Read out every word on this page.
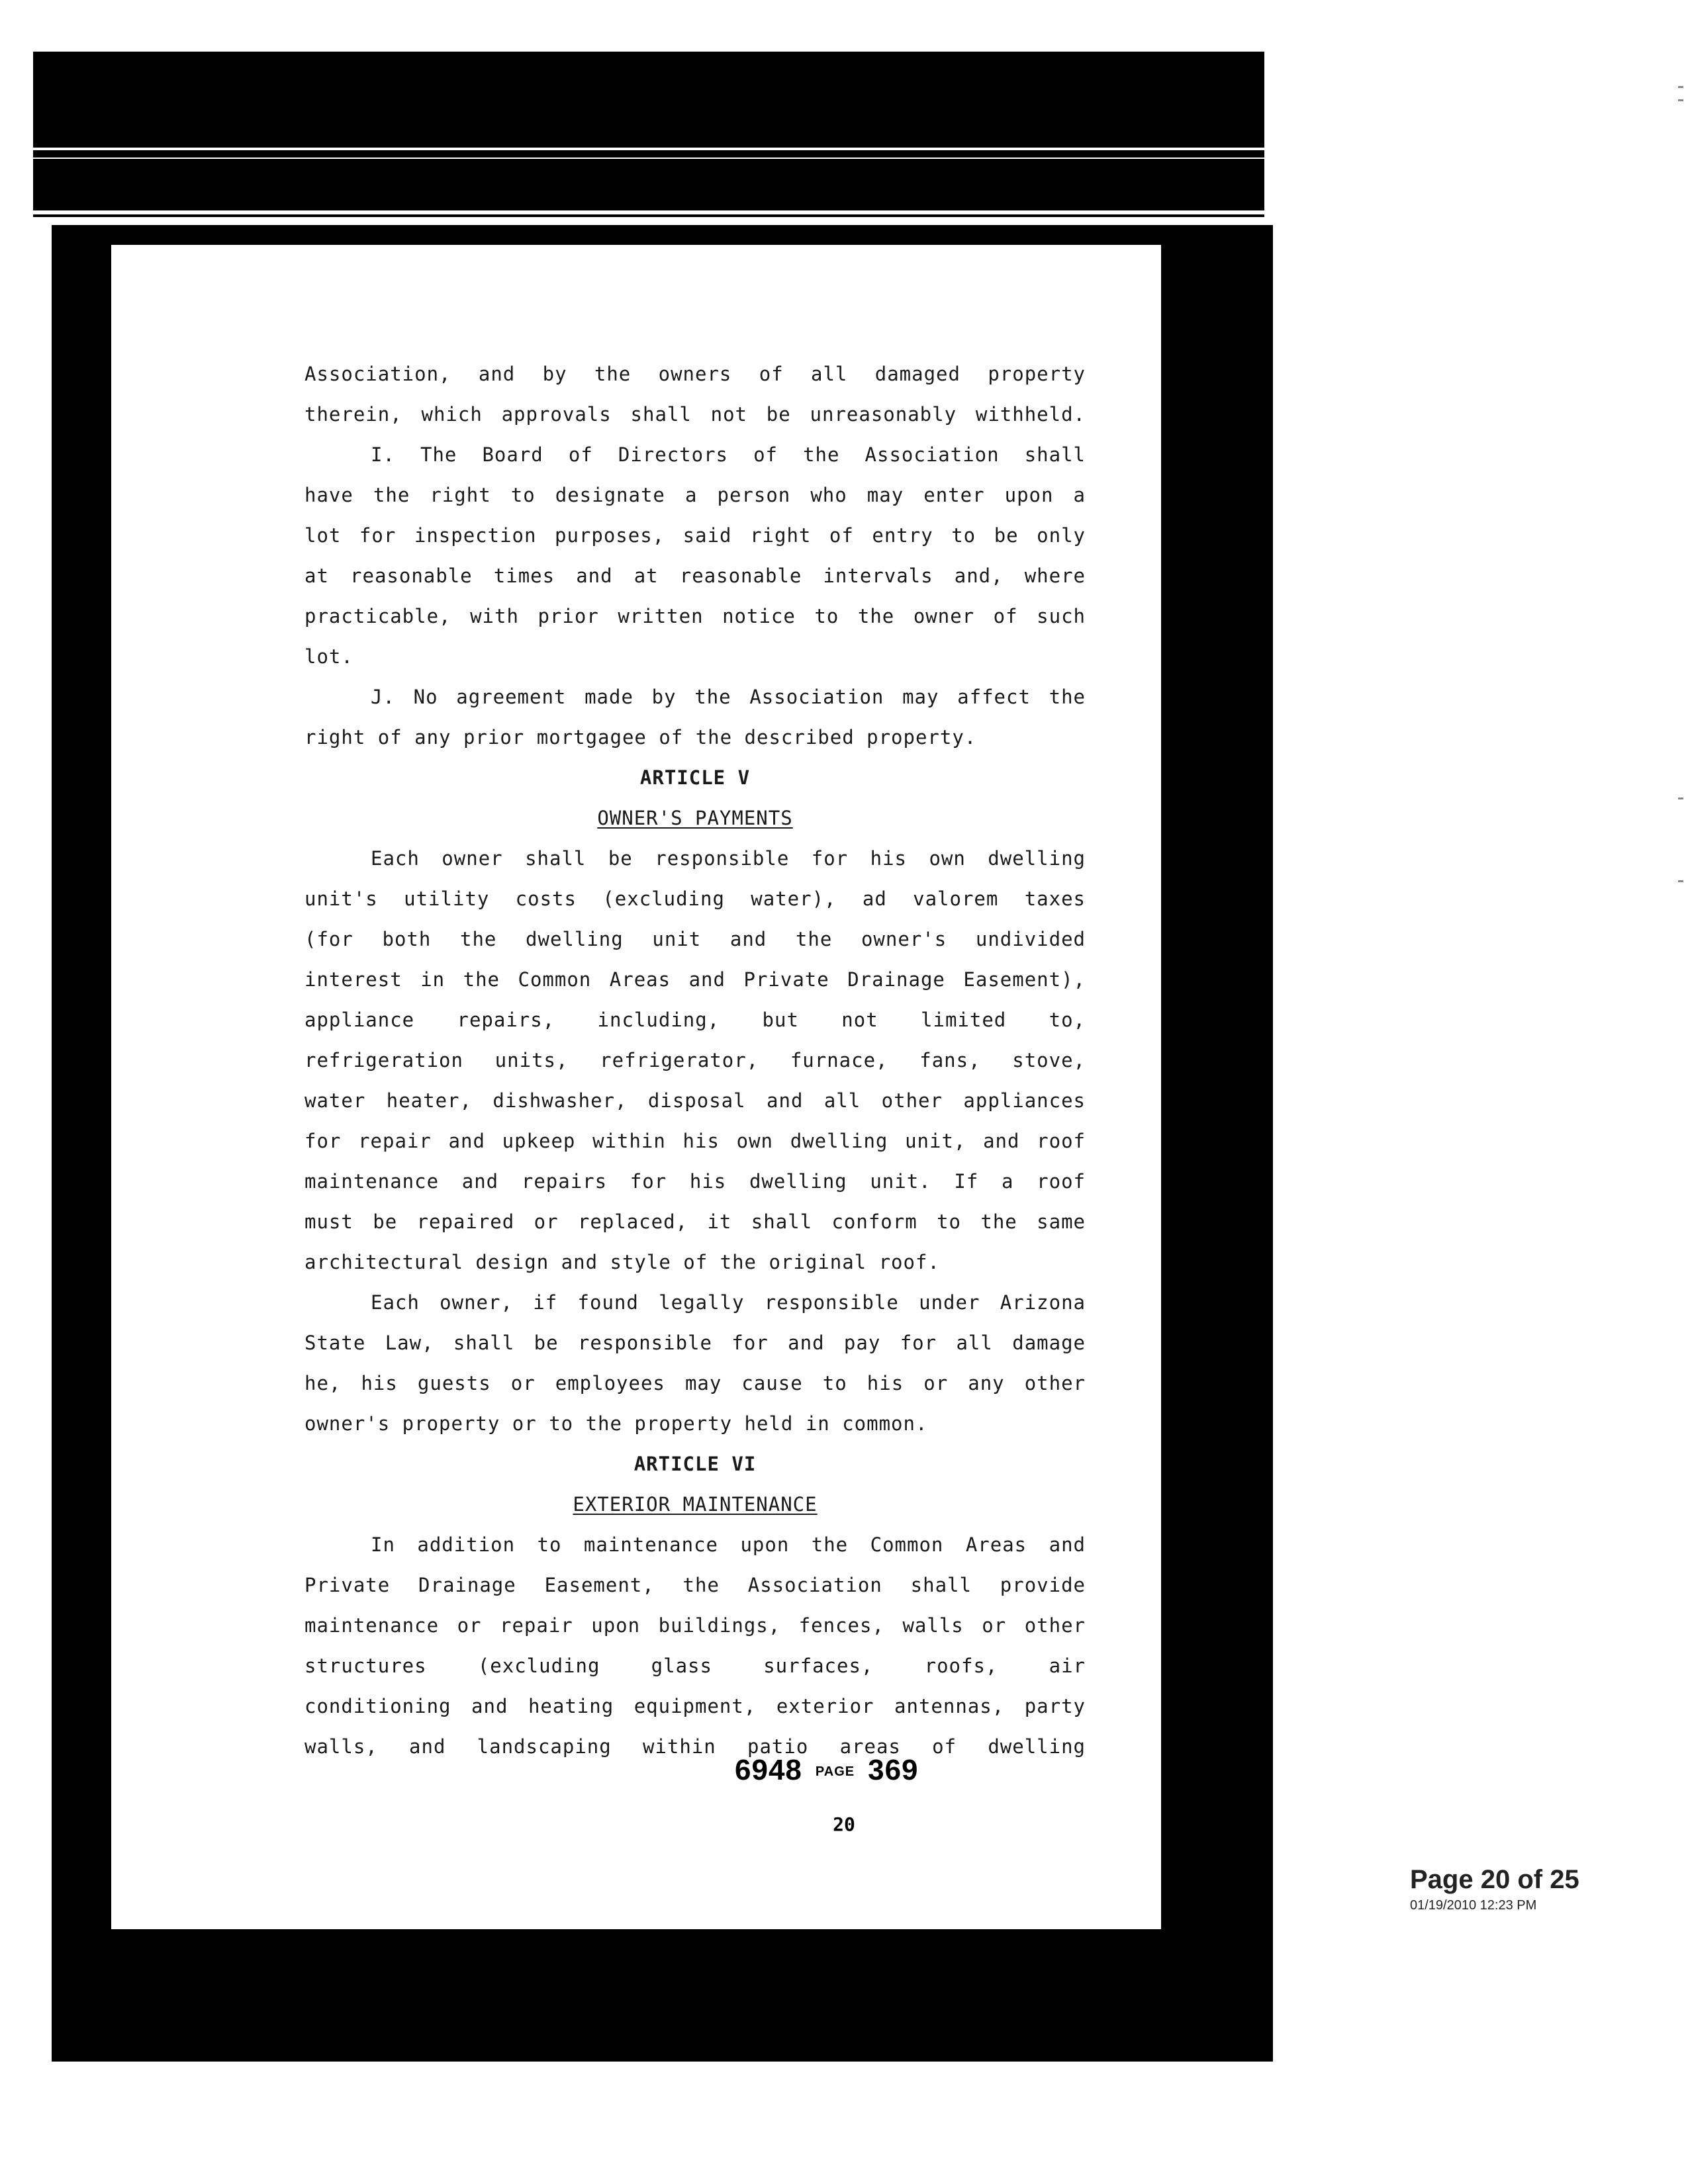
Association, and by the owners of all damaged property
therein, which approvals shall not be unreasonably withheld.
I. The Board of Directors of the Association shall
have the right to designate a person who may enter upon a
lot for inspection purposes, said right of entry to be only
at reasonable times and at reasonable intervals and, where
practicable, with prior written notice to the owner of such
lot.
J. No agreement made by the Association may affect the
right of any prior mortgagee of the described property.
ARTICLE V
OWNER'S PAYMENTS
Each owner shall be responsible for his own dwelling
unit's utility costs (excluding water), ad valorem taxes
(for both the dwelling unit and the owner's undivided
interest in the Common Areas and Private Drainage Easement),
appliance repairs, including, but not limited to,
refrigeration units, refrigerator, furnace, fans, stove,
water heater, dishwasher, disposal and all other appliances
for repair and upkeep within his own dwelling unit, and roof
maintenance and repairs for his dwelling unit. If a roof
must be repaired or replaced, it shall conform to the same
architectural design and style of the original roof.
Each owner, if found legally responsible under Arizona
State Law, shall be responsible for and pay for all damage
he, his guests or employees may cause to his or any other
owner's property or to the property held in common.
ARTICLE VI
EXTERIOR MAINTENANCE
In addition to maintenance upon the Common Areas and
Private Drainage Easement, the Association shall provide
maintenance or repair upon buildings, fences, walls or other
structures (excluding glass surfaces, roofs, air
conditioning and heating equipment, exterior antennas, party
walls, and landscaping within patio areas of dwelling
6948 PAGE 369
20
Page 20 of 25
01/19/2010 12:23 PM
